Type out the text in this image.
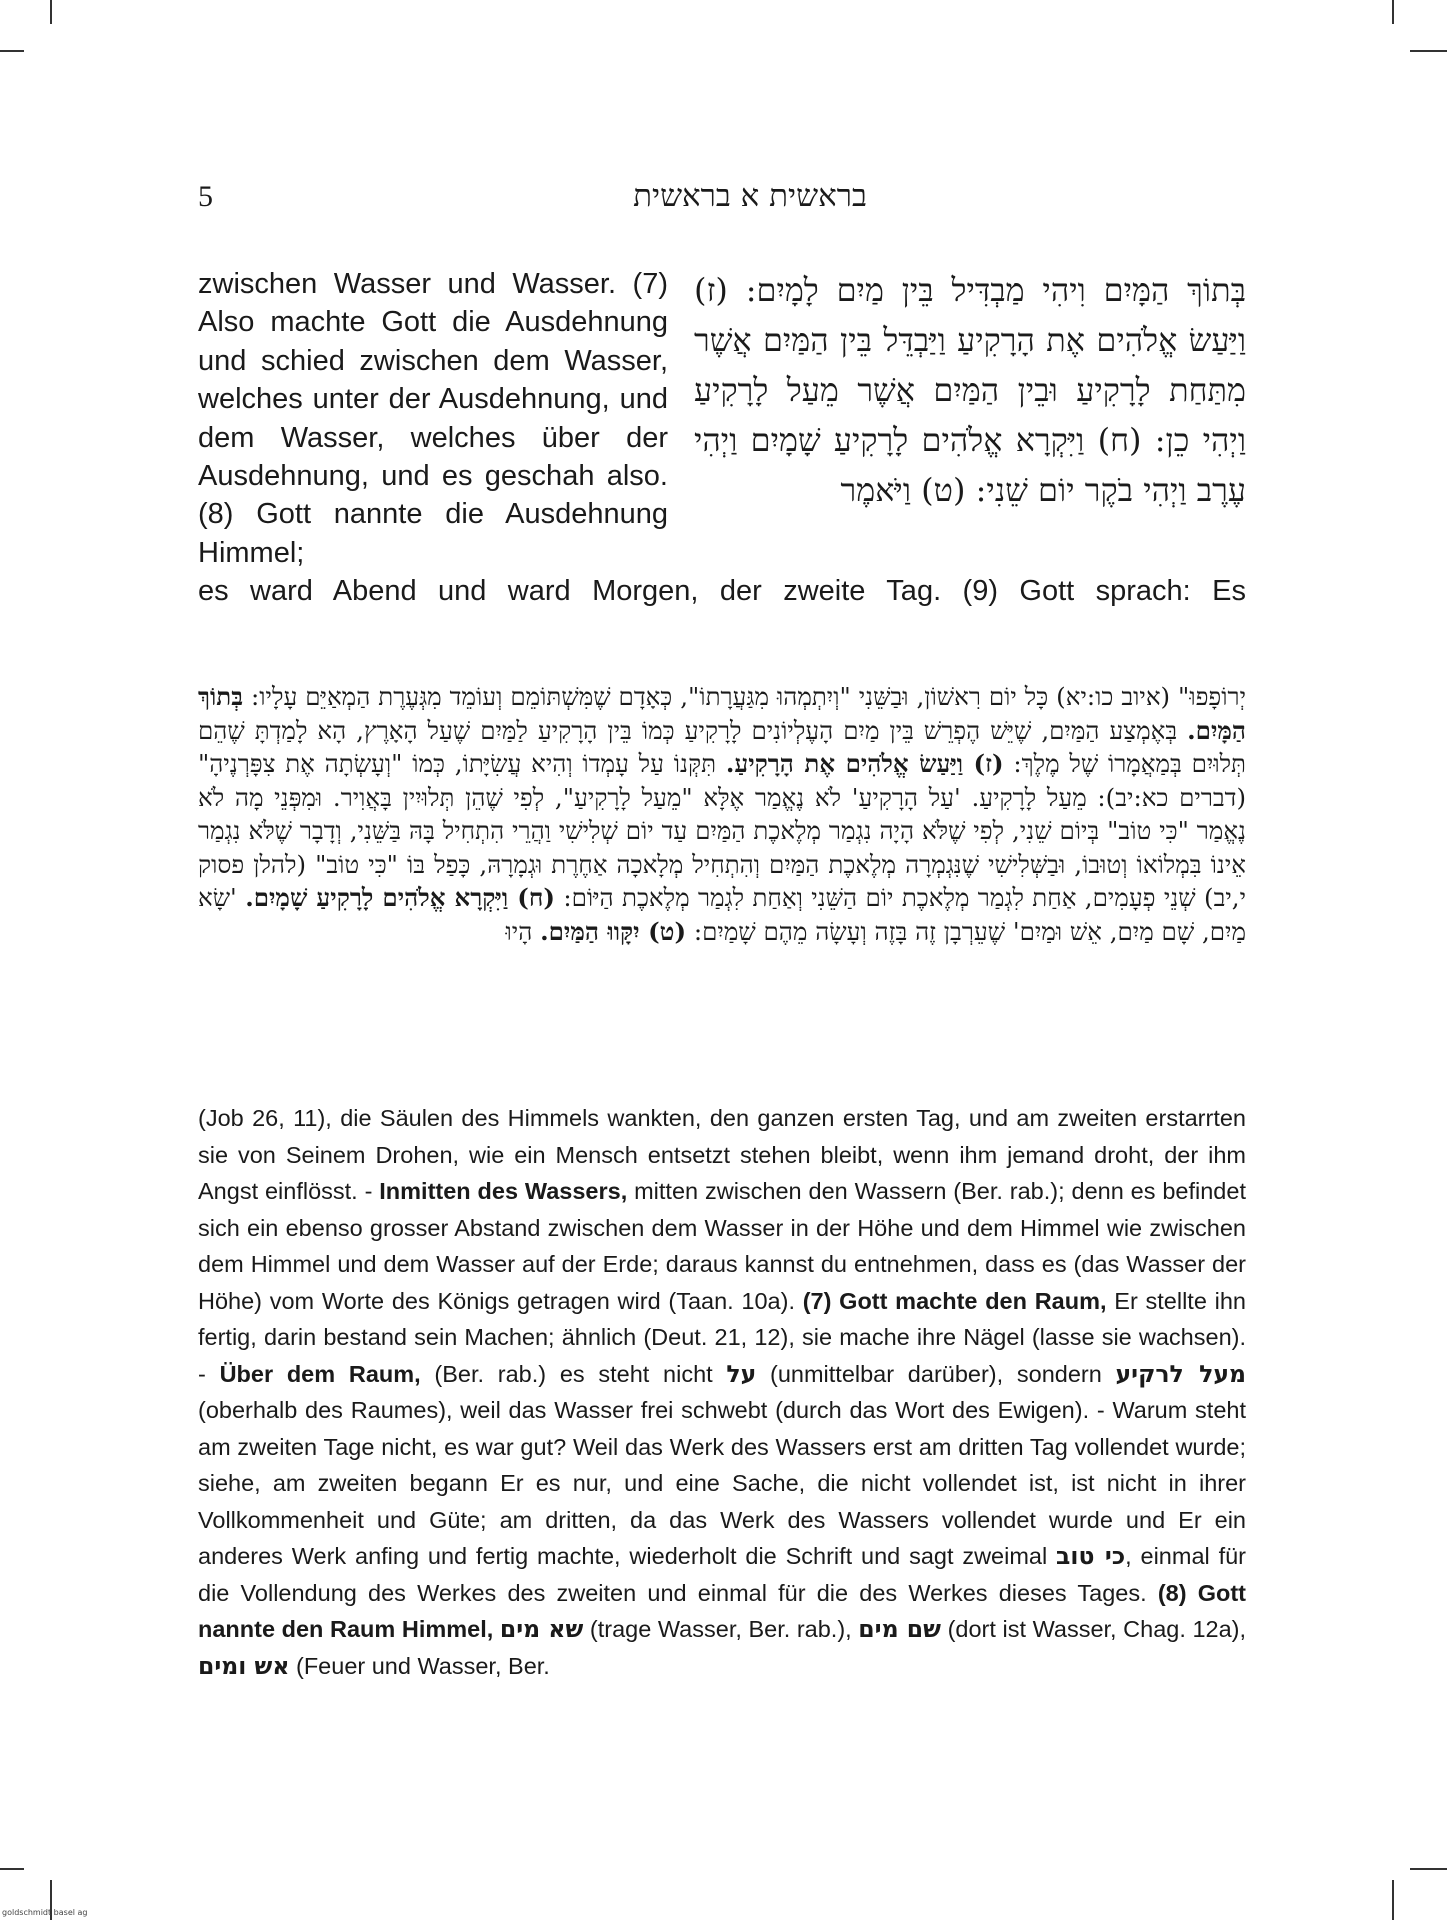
5	בראשית א בראשית
בְּתוֹךְ הַמָּיִם וִיהִי מַבְדִּיל בֵּין מַיִם לָמָיִם: (ז) וַיַּעַשׂ אֱלֹהִים אֶת הָרָקִיעַ וַיַּבְדֵּל בֵּין הַמַּיִם אֲשֶׁר מִתַּחַת לָרָקִיעַ וּבֵין הַמַּיִם אֲשֶׁר מֵעַל לָרָקִיעַ וַיְהִי כֵן: (ח) וַיִּקְרָא אֱלֹהִים לָרָקִיעַ שָׁמָיִם וַיְהִי עֶרֶב וַיְהִי בֹקֶר יוֹם שֵׁנִי: (ט) וַיֹּאמֶר
zwischen Wasser und Wasser. (7) Also machte Gott die Ausdehnung und schied zwischen dem Wasser, welches unter der Ausdehnung, und dem Wasser, welches über der Ausdehnung, und es geschah also. (8) Gott nannte die Ausdehnung Himmel;
es ward Abend und ward Morgen, der zweite Tag. (9) Gott sprach: Es
יְרוֹפָפוּ" (איוב כו:יא) כָּל יוֹם רִאשׁוֹן, וּבַשֵּׁנִי "וְיִתְמְהוּ מִגַּעֲרָתוֹ", כְּאָדָם שֶׁמִּשְׁתּוֹמֵם וְעוֹמֵד מִגְּעֶרֶת הַמְאַיֵּם עָלָיו: בְּתוֹךְ הַמָּיִם. בְּאֶמְצַע הַמַּיִם, שֶׁיֵּשׁ הֶפְרֵשׁ בֵּין מַיִם הָעֶלְיוֹנִים לָרָקִיעַ כְּמוֹ בֵּין הָרָקִיעַ לַמַּיִם שֶׁעַל הָאָרֶץ, הָא לָמַדְתָּ שֶׁהֵם תְּלוּיִם בְּמַאֲמָרוֹ שֶׁל מֶלֶךְ: (ז) וַיַּעַשׂ אֱלֹהִים אֶת הָרָקִיעַ. תִּקְּנוֹ עַל עָמְדוֹ וְהִיא עֲשִׂיָּתוֹ, כְּמוֹ "וְעָשְׂתָה אֶת צִפָּרְנֶיהָ" (דברים כא:יב): מֵעַל לָרָקִיעַ. 'עַל הָרָקִיעַ' לֹא נֶאֱמַר אֶלָּא "מֵעַל לָרָקִיעַ", לְפִי שֶׁהֵן תְּלוּיִין בָּאֲוִיר. וּמִפְּנֵי מָה לֹא נֶאֱמַר "כִּי טוֹב" בְּיוֹם שֵׁנִי, לְפִי שֶׁלֹּא הָיָה נִגְמַר מְלֶאכֶת הַמַּיִם עַד יוֹם שְׁלִישִׁי וַהֲרֵי הִתְחִיל בָּהּ בַּשֵּׁנִי, וְדָבָר שֶׁלֹּא נִגְמַר אֵינוֹ בִּמְלוֹאוֹ וְטוּבוֹ, וּבַשְּׁלִישִׁי שֶׁנִּגְמְרָה מְלֶאכֶת הַמַּיִם וְהִתְחִיל מְלָאכָה אַחֶרֶת וּגְמָרָהּ, כָּפַל בּוֹ "כִּי טוֹב" (להלן פסוק י,יב) שְׁנֵי פְעָמִים, אַחַת לִגְמַר מְלֶאכֶת יוֹם הַשֵּׁנִי וְאַחַת לִגְמַר מְלֶאכֶת הַיּוֹם: (ח) וַיִּקְרָא אֱלֹהִים לָרָקִיעַ שָׁמָיִם. 'שָׂא מַיִם, שָׁם מַיִם, אֵשׁ וּמַיִם' שֶׁעֵרְבָן זֶה בָּזֶה וְעָשָׂה מֵהֶם שָׁמַיִם: (ט) יִקָּווּ הַמַּיִם. הָיוּ
(Job 26, 11), die Säulen des Himmels wankten, den ganzen ersten Tag, und am zweiten erstarrten sie von Seinem Drohen, wie ein Mensch entsetzt stehen bleibt, wenn ihm jemand droht, der ihm Angst einflösst. - Inmitten des Wassers, mitten zwischen den Wassern (Ber. rab.); denn es befindet sich ein ebenso grosser Abstand zwischen dem Wasser in der Höhe und dem Himmel wie zwischen dem Himmel und dem Wasser auf der Erde; daraus kannst du entnehmen, dass es (das Wasser der Höhe) vom Worte des Königs getragen wird (Taan. 10a). (7) Gott machte den Raum, Er stellte ihn fertig, darin bestand sein Machen; ähnlich (Deut. 21, 12), sie mache ihre Nägel (lasse sie wachsen). - Über dem Raum, (Ber. rab.) es steht nicht על (unmittelbar darüber), sondern מעל לרקיע (oberhalb des Raumes), weil das Wasser frei schwebt (durch das Wort des Ewigen). - Warum steht am zweiten Tage nicht, es war gut? Weil das Werk des Wassers erst am dritten Tag vollendet wurde; siehe, am zweiten begann Er es nur, und eine Sache, die nicht vollendet ist, ist nicht in ihrer Vollkommenheit und Güte; am dritten, da das Werk des Wassers vollendet wurde und Er ein anderes Werk anfing und fertig machte, wiederholt die Schrift und sagt zweimal כי טוב, einmal für die Vollendung des Werkes des zweiten und einmal für die des Werkes dieses Tages. (8) Gott nannte den Raum Himmel, שא מים (trage Wasser, Ber. rab.), שם מים (dort ist Wasser, Chag. 12a), אש ומים (Feuer und Wasser, Ber.
goldschmidt basel ag
